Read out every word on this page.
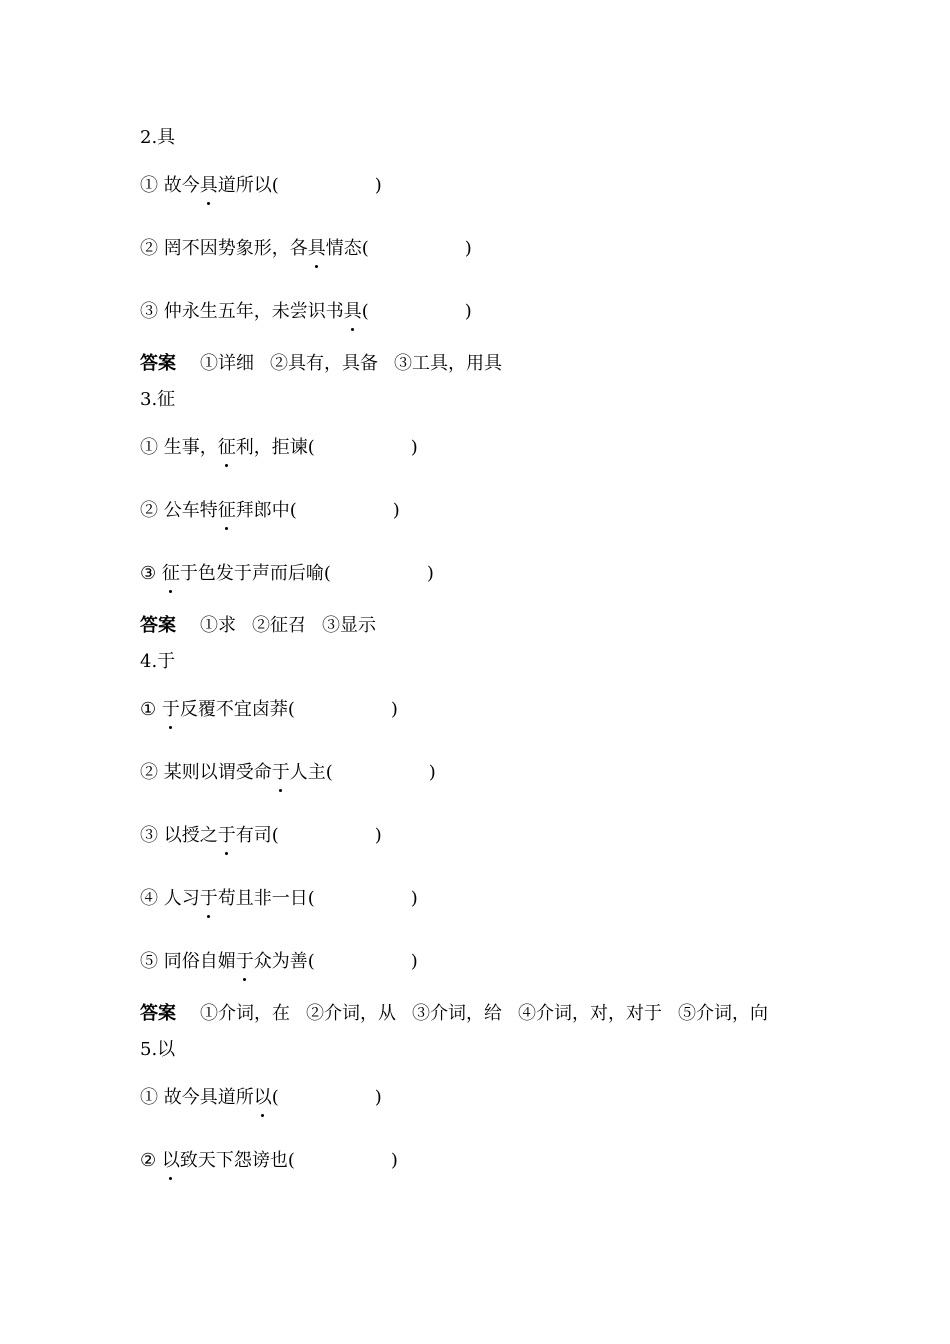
2.具
① 故今具道所以(	)
② 罔不因势象形，各具情态(	)
③ 仲永生五年，未尝识书具(	)
答案 ①详细 ②具有，具备 ③工具，用具
3.征
① 生事，征利，拒谏(	)
② 公车特征拜郎中(	)
③ 征于色发于声而后喻(	)
答案 ①求 ②征召 ③显示
4.于
① 于反覆不宜卤莽(	)
② 某则以谓受命于人主(	)
③ 以授之于有司(	)
④ 人习于苟且非一日(	)
⑤ 同俗自媚于众为善(	)
答案 ①介词，在 ②介词，从 ③介词，给 ④介词，对，对于 ⑤介词，向
5.以
① 故今具道所以(	)
② 以致天下怨谤也(	)
